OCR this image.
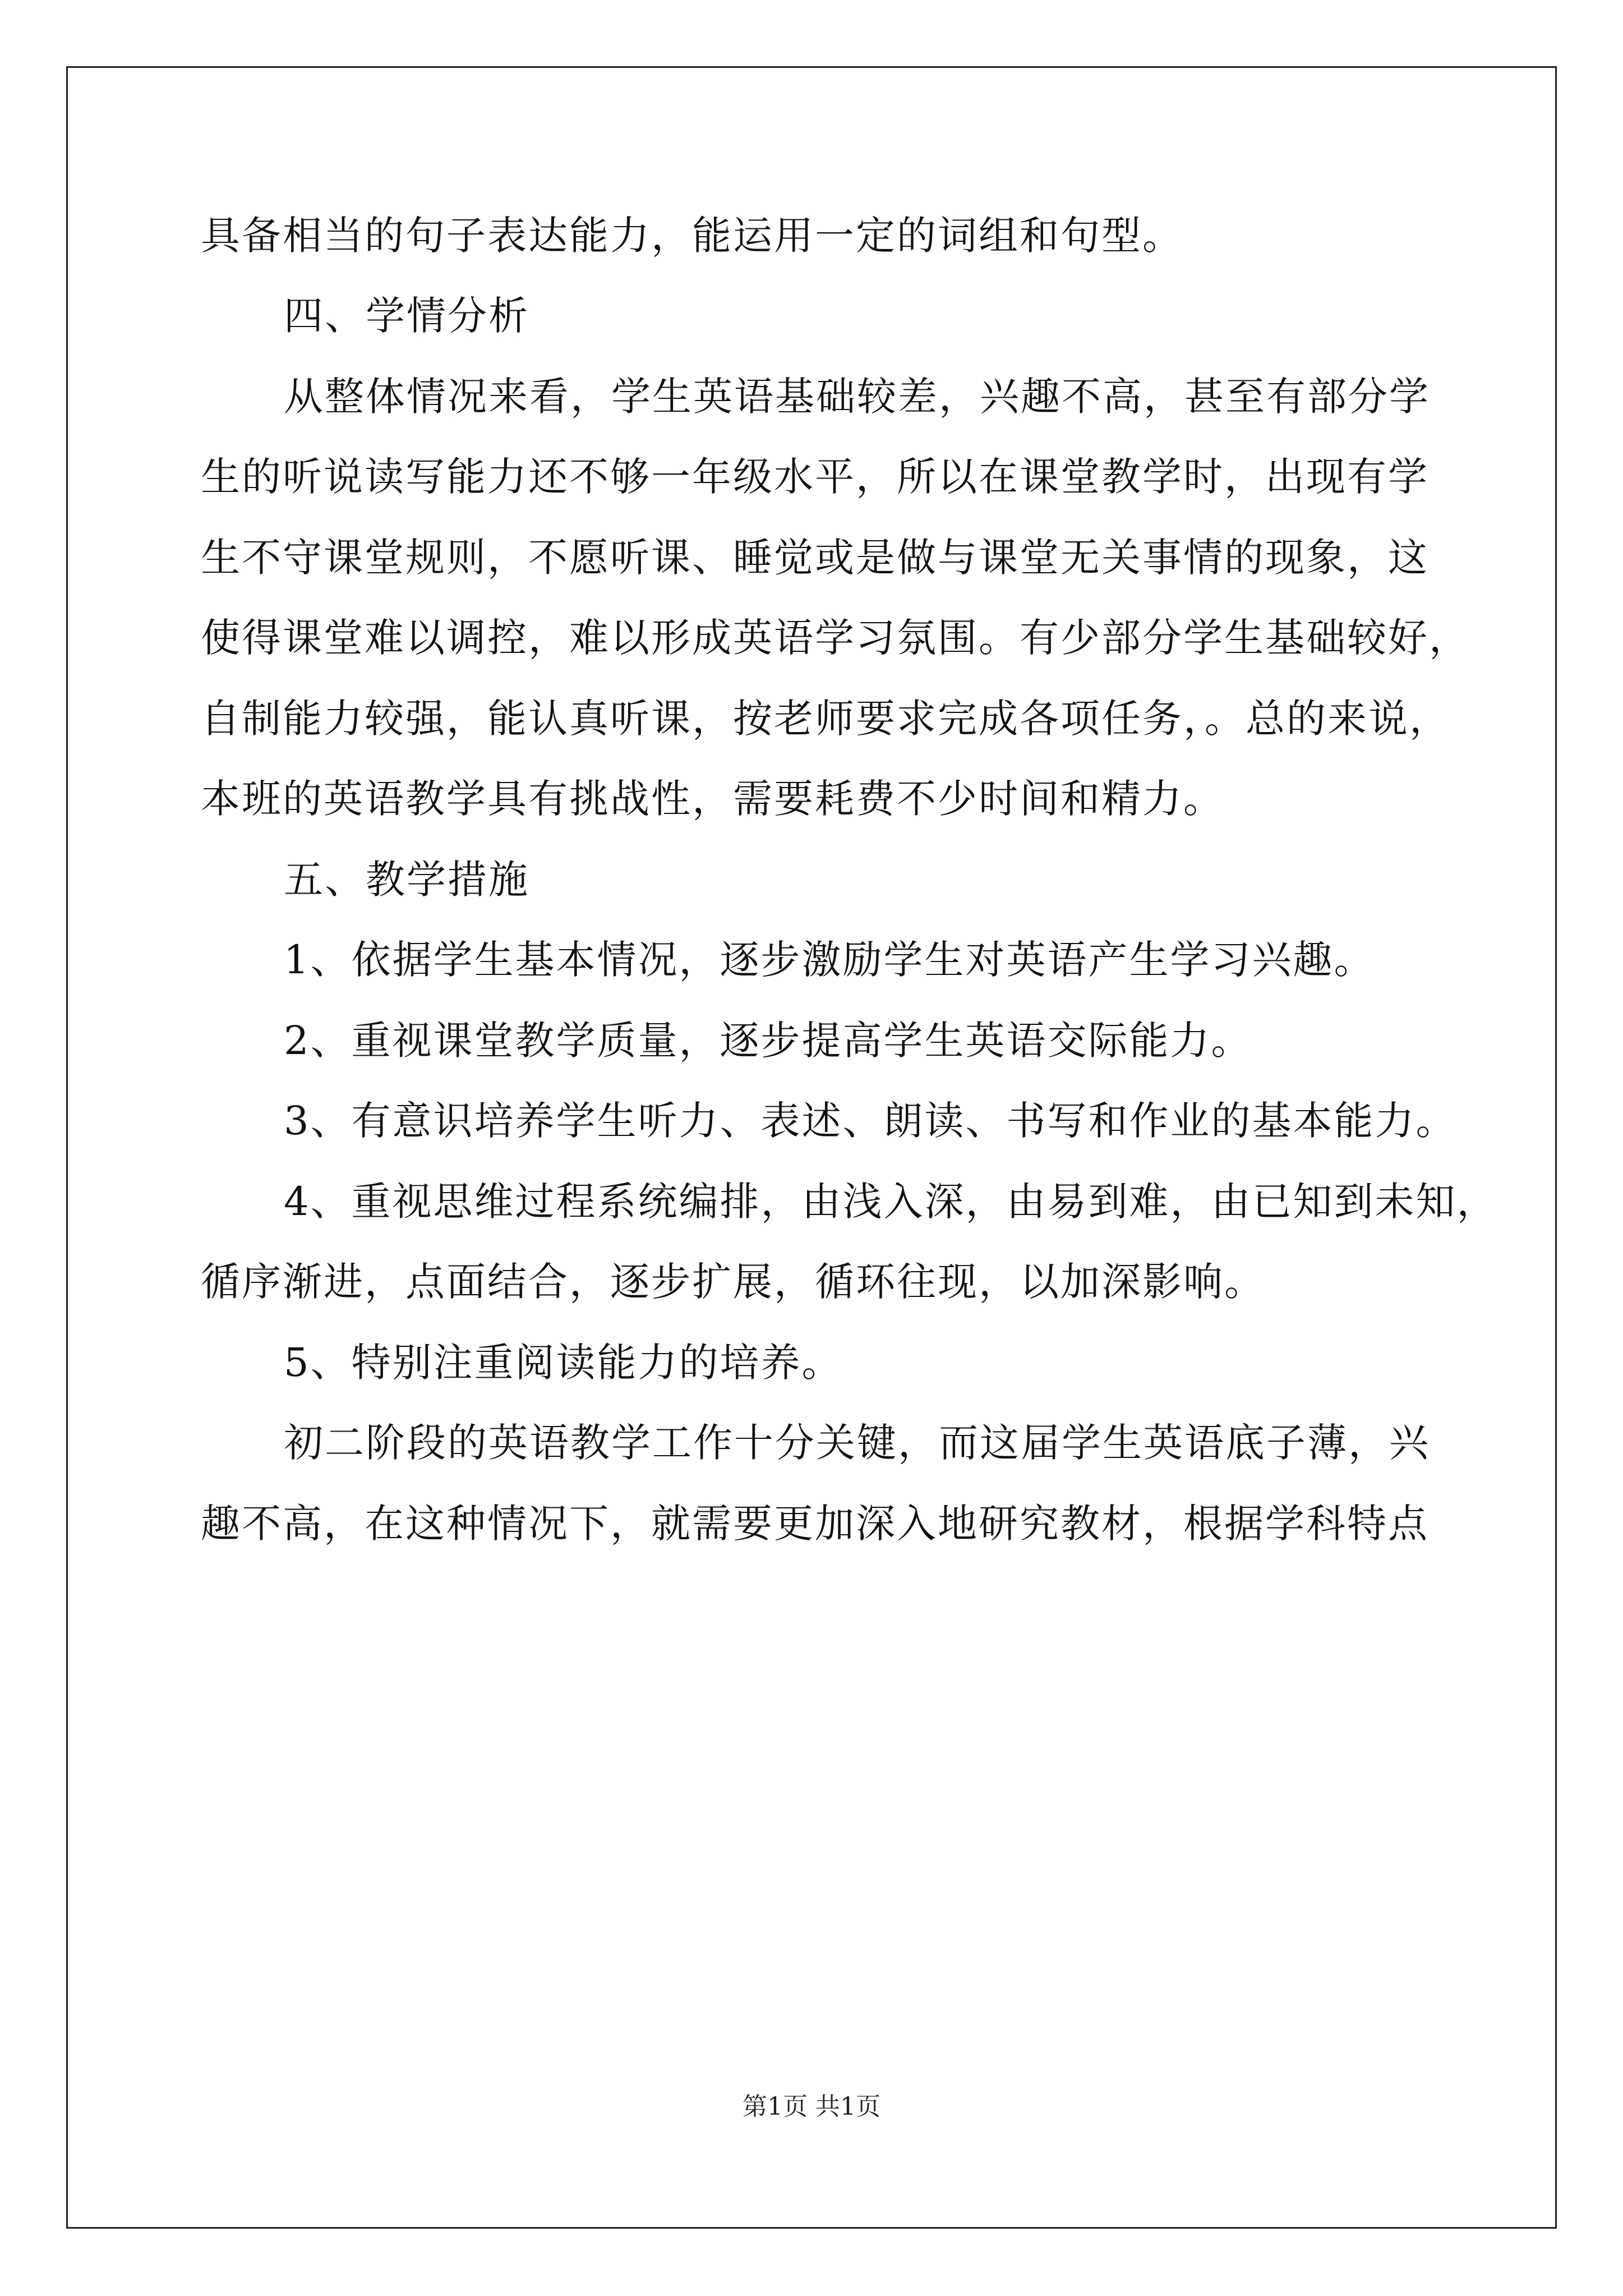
具备相当的句子表达能力，能运用一定的词组和句型。
四、学情分析
从整体情况来看，学生英语基础较差，兴趣不高，甚至有部分学
生的听说读写能力还不够一年级水平，所以在课堂教学时，出现有学
生不守课堂规则，不愿听课、睡觉或是做与课堂无关事情的现象，这
使得课堂难以调控，难以形成英语学习氛围。有少部分学生基础较好，
自制能力较强，能认真听课，按老师要求完成各项任务，。总的来说，
本班的英语教学具有挑战性，需要耗费不少时间和精力。
五、教学措施
1、依据学生基本情况，逐步激励学生对英语产生学习兴趣。
2、重视课堂教学质量，逐步提高学生英语交际能力。
3、有意识培养学生听力、表述、朗读、书写和作业的基本能力。
4、重视思维过程系统编排，由浅入深，由易到难，由已知到未知，
循序渐进，点面结合，逐步扩展，循环往现，以加深影响。
5、特别注重阅读能力的培养。
初二阶段的英语教学工作十分关键，而这届学生英语底子薄，兴
趣不高，在这种情况下，就需要更加深入地研究教材，根据学科特点
第1页 共1页
